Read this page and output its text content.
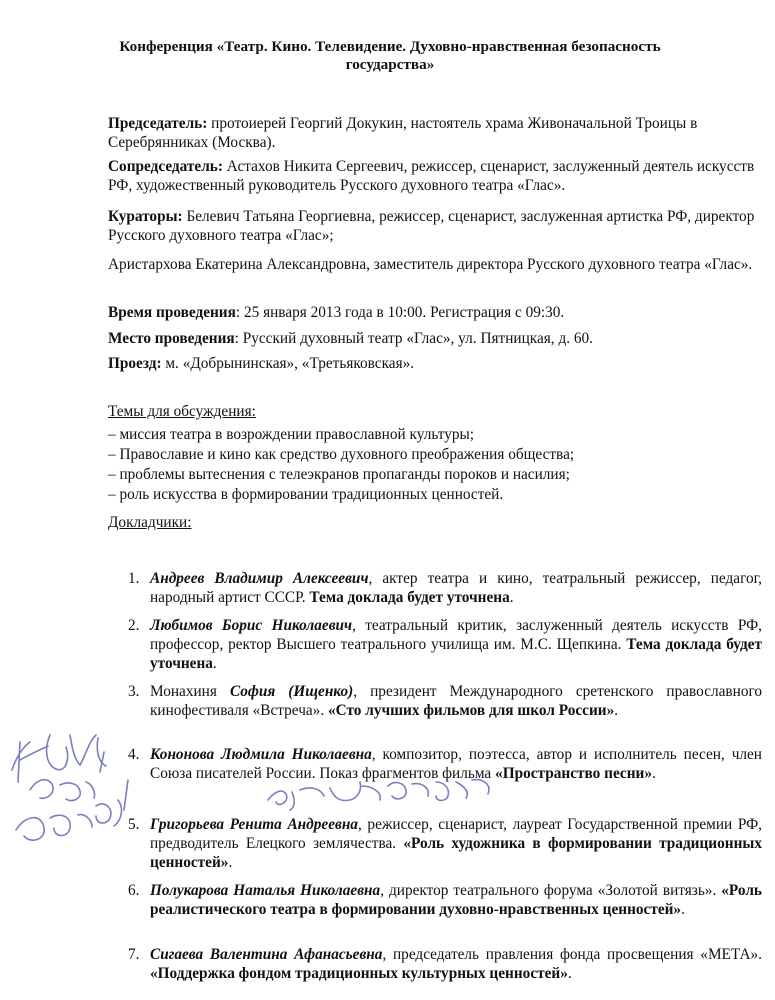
Конференция «Театр. Кино. Телевидение. Духовно-нравственная безопасность государства»
Председатель: протоиерей Георгий Докукин, настоятель храма Живоначальной Троицы в Серебрянниках (Москва).
Сопредседатель: Астахов Никита Сергеевич, режиссер, сценарист, заслуженный деятель искусств РФ, художественный руководитель Русского духовного театра «Глас».
Кураторы: Белевич Татьяна Георгиевна, режиссер, сценарист, заслуженная артистка РФ, директор Русского духовного театра «Глас»;
Аристархова Екатерина Александровна, заместитель директора Русского духовного театра «Глас».
Время проведения: 25 января 2013 года в 10:00. Регистрация с 09:30.
Место проведения: Русский духовный театр «Глас», ул. Пятницкая, д. 60.
Проезд: м. «Добрынинская», «Третьяковская».
Темы для обсуждения:
– миссия театра в возрождении православной культуры;
– Православие и кино как средство духовного преображения общества;
– проблемы вытеснения с телеэкранов пропаганды пороков и насилия;
– роль искусства в формировании традиционных ценностей.
Докладчики:
1. Андреев Владимир Алексеевич, актер театра и кино, театральный режиссер, педагог, народный артист СССР. Тема доклада будет уточнена.
2. Любимов Борис Николаевич, театральный критик, заслуженный деятель искусств РФ, профессор, ректор Высшего театрального училища им. М.С. Щепкина. Тема доклада будет уточнена.
3. Монахиня София (Ищенко), президент Международного сретенского православного кинофестиваля «Встреча». «Сто лучших фильмов для школ России».
4. Кононова Людмила Николаевна, композитор, поэтесса, автор и исполнитель песен, член Союза писателей России. Показ фрагментов фильма «Пространство песни».
5. Григорьева Ренита Андреевна, режиссер, сценарист, лауреат Государственной премии РФ, предводитель Елецкого землячества. «Роль художника в формировании традиционных ценностей».
6. Полукарова Наталья Николаевна, директор театрального форума «Золотой витязь». «Роль реалистического театра в формировании духовно-нравственных ценностей».
7. Сигаева Валентина Афанасьевна, председатель правления фонда просвещения «МЕТА». «Поддержка фондом традиционных культурных ценностей».
